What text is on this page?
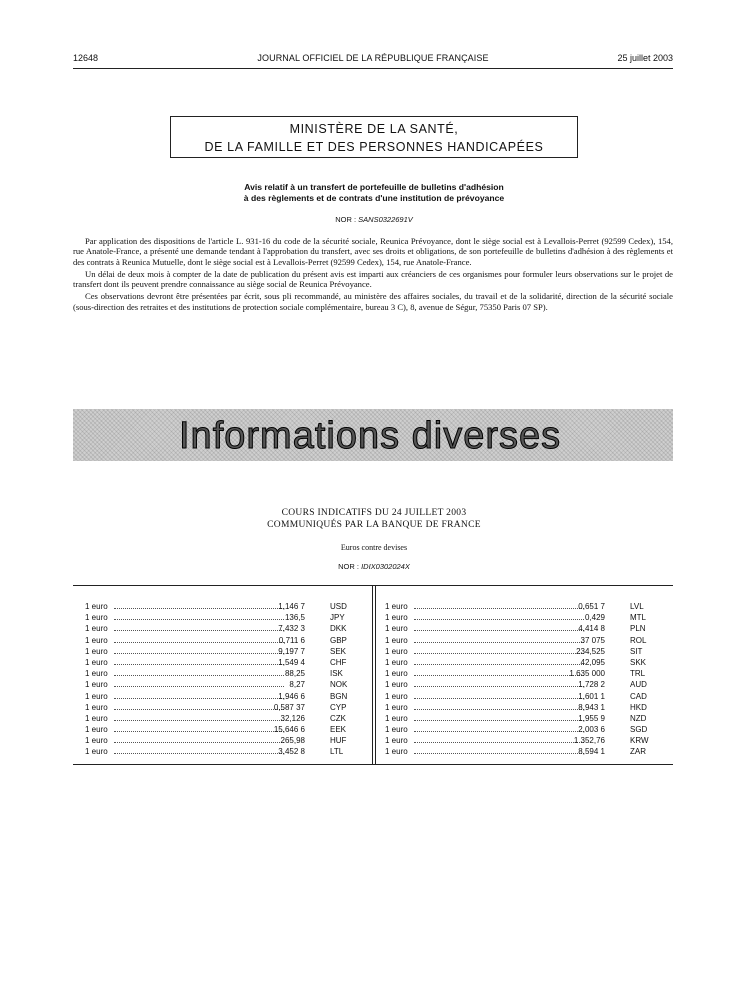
12648	JOURNAL OFFICIEL DE LA RÉPUBLIQUE FRANÇAISE	25 juillet 2003
MINISTÈRE DE LA SANTÉ,
DE LA FAMILLE ET DES PERSONNES HANDICAPÉES
Avis relatif à un transfert de portefeuille de bulletins d'adhésion
à des règlements et de contrats d'une institution de prévoyance
NOR : SANS0322691V

Par application des dispositions de l'article L. 931-16 du code de la sécurité sociale, Reunica Prévoyance, dont le siège social est à Levallois-Perret (92599 Cedex), 154, rue Anatole-France, a présenté une demande tendant à l'approbation du transfert, avec ses droits et obligations, de son portefeuille de bulletins d'adhésion à des règlements et des contrats à Reunica Mutuelle, dont le siège social est à Levallois-Perret (92599 Cedex), 154, rue Anatole-France.

Un délai de deux mois à compter de la date de publication du présent avis est imparti aux créanciers de ces organismes pour formuler leurs observations sur le projet de transfert dont ils peuvent prendre connaissance au siège social de Reunica Prévoyance.

Ces observations devront être présentées par écrit, sous pli recommandé, au ministère des affaires sociales, du travail et de la solidarité, direction de la sécurité sociale (sous-direction des retraites et des institutions de protection sociale complémentaire, bureau 3 C), 8, avenue de Ségur, 75350 Paris 07 SP).

Informations diverses
COURS INDICATIFS DU 24 JUILLET 2003
COMMUNIQUÉS PAR LA BANQUE DE FRANCE
Euros contre devises
NOR : IDIX0302024X
1 euro	1,146 7	USD
1 euro	136,5	JPY
1 euro	7,432 3	DKK
1 euro	0,711 6	GBP
1 euro	9,197 7	SEK
1 euro	1,549 4	CHF
1 euro	88,25	ISK
1 euro	8,27	NOK
1 euro	1,946 6	BGN
1 euro	0,587 37	CYP
1 euro	32,126	CZK
1 euro	15,646 6	EEK
1 euro	265,98	HUF
1 euro	3,452 8	LTL
1 euro	0,651 7	LVL
1 euro	0,429	MTL
1 euro	4,414 8	PLN
1 euro	37 075	ROL
1 euro	234,525	SIT
1 euro	42,095	SKK
1 euro	1 635 000	TRL
1 euro	1,728 2	AUD
1 euro	1,601 1	CAD
1 euro	8,943 1	HKD
1 euro	1,955 9	NZD
1 euro	2,003 6	SGD
1 euro	1 352,76	KRW
1 euro	8,594 1	ZAR
